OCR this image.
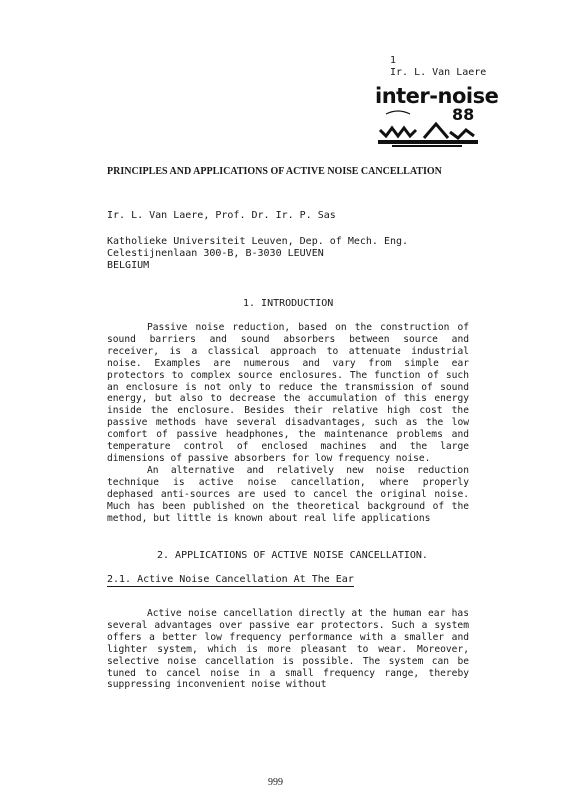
1
Ir. L. Van Laere
inter-noise
88
PRINCIPLES AND APPLICATIONS OF ACTIVE NOISE CANCELLATION
Ir. L. Van Laere, Prof. Dr. Ir. P. Sas
Katholieke Universiteit Leuven, Dep. of Mech. Eng.
Celestijnenlaan 300-B, B-3030 LEUVEN
BELGIUM
1. INTRODUCTION

Passive noise reduction, based on the construction of sound barriers and sound absorbers between source and receiver, is a classical approach to attenuate industrial noise. Examples are numerous and vary from simple ear protectors to complex source enclosures. The function of such an enclosure is not only to reduce the transmission of sound energy, but also to decrease the accumulation of this energy inside the enclosure. Besides their relative high cost the passive methods have several disadvantages, such as the low comfort of passive headphones, the maintenance problems and temperature control of enclosed machines and the large dimensions of passive absorbers for low frequency noise.

An alternative and relatively new noise reduction technique is active noise cancellation, where properly dephased anti-sources are used to cancel the original noise. Much has been published on the theoretical background of the method, but little is known about real life applications

2. APPLICATIONS OF ACTIVE NOISE CANCELLATION.
2.1. Active Noise Cancellation At The Ear

Active noise cancellation directly at the human ear has several advantages over passive ear protectors. Such a system offers a better low frequency performance with a smaller and lighter system, which is more pleasant to wear. Moreover, selective noise cancellation is possible. The system can be tuned to cancel noise in a small frequency range, thereby suppressing inconvenient noise without

999
